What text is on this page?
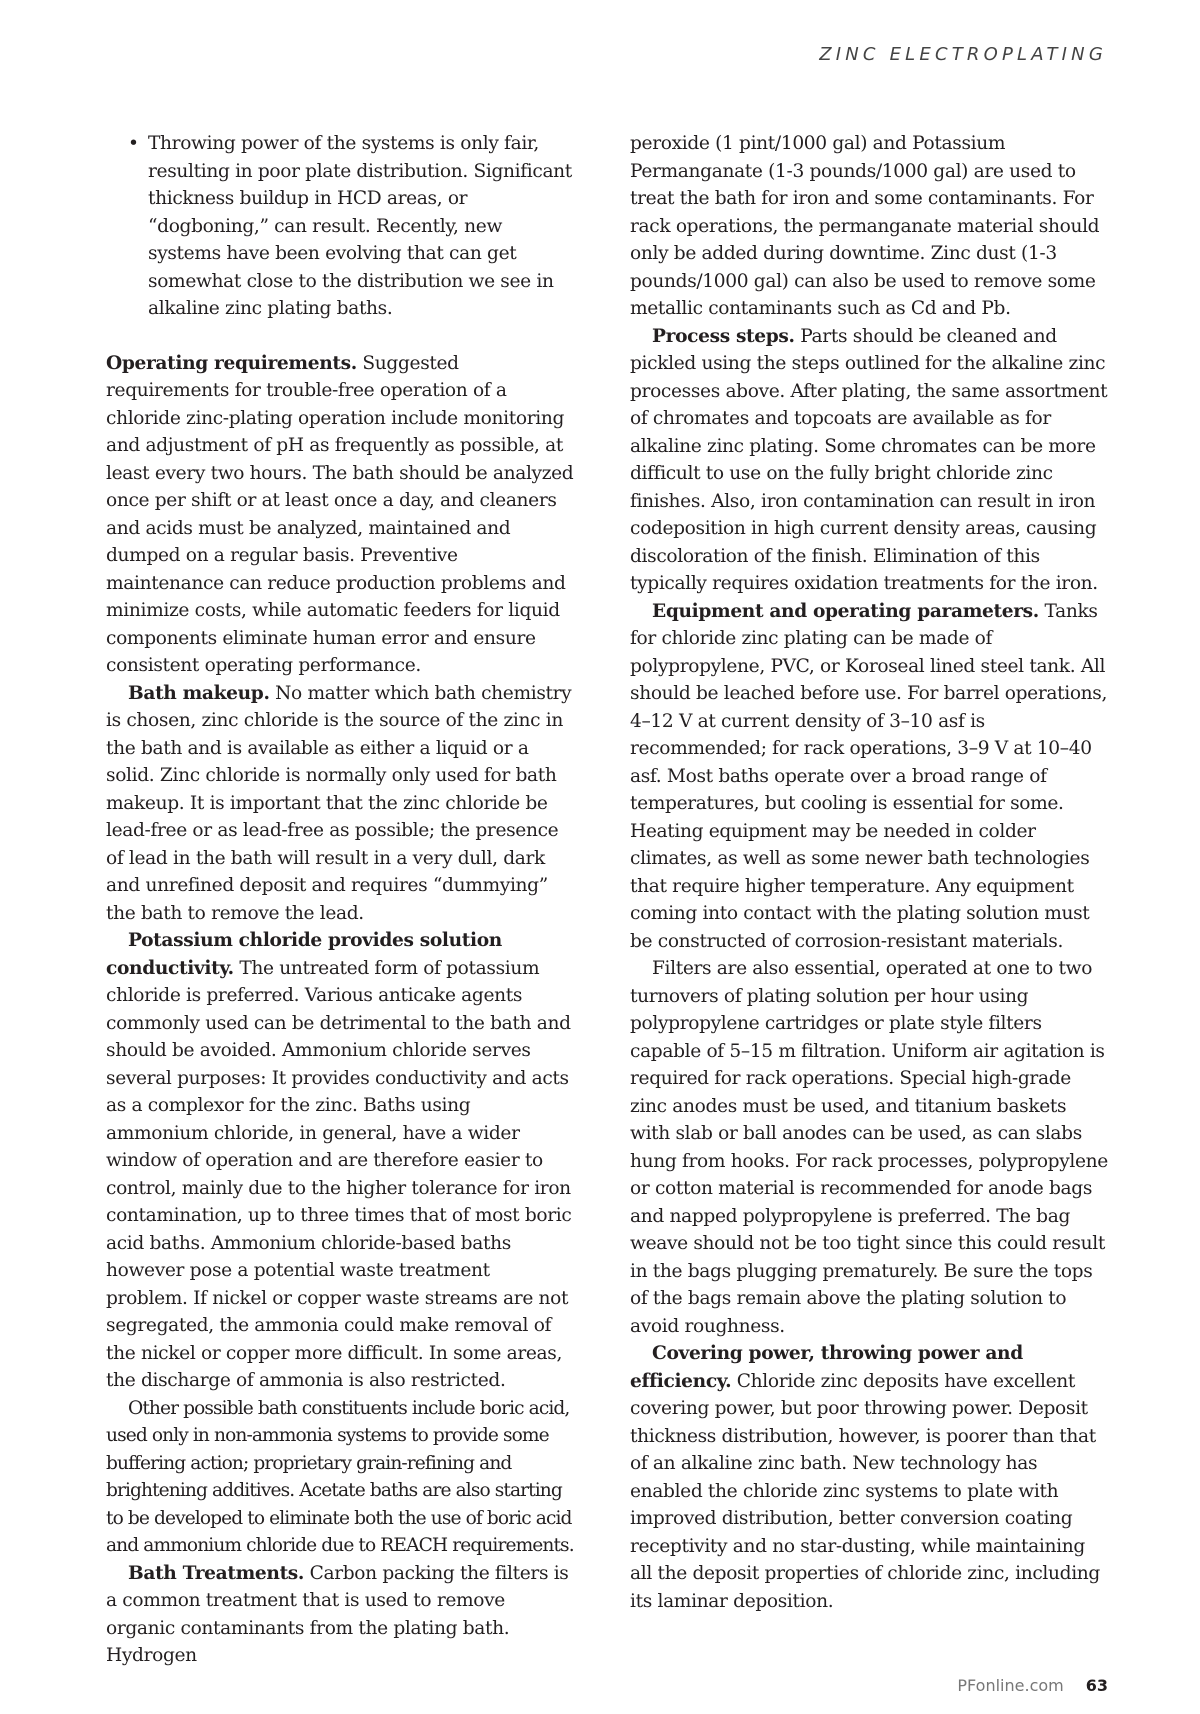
ZINC ELECTROPLATING
• Throwing power of the systems is only fair, resulting in poor plate distribution. Significant thickness buildup in HCD areas, or “dogboning,” can result. Recently, new systems have been evolving that can get somewhat close to the distribution we see in alkaline zinc plating baths.

Operating requirements. Suggested requirements for trouble-free operation of a chloride zinc-plating operation include monitoring and adjustment of pH as frequently as possible, at least every two hours. The bath should be analyzed once per shift or at least once a day, and cleaners and acids must be analyzed, maintained and dumped on a regular basis. Preventive maintenance can reduce production problems and minimize costs, while automatic feeders for liquid components eliminate human error and ensure consistent operating performance.

Bath makeup. No matter which bath chemistry is chosen, zinc chloride is the source of the zinc in the bath and is available as either a liquid or a solid. Zinc chloride is normally only used for bath makeup. It is important that the zinc chloride be lead-free or as lead-free as possible; the presence of lead in the bath will result in a very dull, dark and unrefined deposit and requires “dummying” the bath to remove the lead.

Potassium chloride provides solution conductivity. The untreated form of potassium chloride is preferred. Various anticake agents commonly used can be detrimental to the bath and should be avoided. Ammonium chloride serves several purposes: It provides conductivity and acts as a complexor for the zinc. Baths using ammonium chloride, in general, have a wider window of operation and are therefore easier to control, mainly due to the higher tolerance for iron contamination, up to three times that of most boric acid baths. Ammonium chloride-based baths however pose a potential waste treatment problem. If nickel or copper waste streams are not segregated, the ammonia could make removal of the nickel or copper more difficult. In some areas, the discharge of ammonia is also restricted.

Other possible bath constituents include boric acid, used only in non-ammonia systems to provide some buffering action; proprietary grain-refining and brightening additives. Acetate baths are also starting to be developed to eliminate both the use of boric acid and ammonium chloride due to REACH requirements.

Bath Treatments. Carbon packing the filters is a common treatment that is used to remove organic contaminants from the plating bath. Hydrogen

peroxide (1 pint/1000 gal) and Potassium Permanganate (1-3 pounds/1000 gal) are used to treat the bath for iron and some contaminants. For rack operations, the permanganate material should only be added during downtime. Zinc dust (1-3 pounds/1000 gal) can also be used to remove some metallic contaminants such as Cd and Pb.

Process steps. Parts should be cleaned and pickled using the steps outlined for the alkaline zinc processes above. After plating, the same assortment of chromates and topcoats are available as for alkaline zinc plating. Some chromates can be more difficult to use on the fully bright chloride zinc finishes. Also, iron contamination can result in iron codeposition in high current density areas, causing discoloration of the finish. Elimination of this typically requires oxidation treatments for the iron.

Equipment and operating parameters. Tanks for chloride zinc plating can be made of polypropylene, PVC, or Koroseal lined steel tank. All should be leached before use. For barrel operations, 4–12 V at current density of 3–10 asf is recommended; for rack operations, 3–9 V at 10–40 asf. Most baths operate over a broad range of temperatures, but cooling is essential for some. Heating equipment may be needed in colder climates, as well as some newer bath technologies that require higher temperature. Any equipment coming into contact with the plating solution must be constructed of corrosion-resistant materials.

Filters are also essential, operated at one to two turnovers of plating solution per hour using polypropylene cartridges or plate style filters capable of 5–15 m filtration. Uniform air agitation is required for rack operations. Special high-grade zinc anodes must be used, and titanium baskets with slab or ball anodes can be used, as can slabs hung from hooks. For rack processes, polypropylene or cotton material is recommended for anode bags and napped polypropylene is preferred. The bag weave should not be too tight since this could result in the bags plugging prematurely. Be sure the tops of the bags remain above the plating solution to avoid roughness.

Covering power, throwing power and efficiency. Chloride zinc deposits have excellent covering power, but poor throwing power. Deposit thickness distribution, however, is poorer than that of an alkaline zinc bath. New technology has enabled the chloride zinc systems to plate with improved distribution, better conversion coating receptivity and no star-dusting, while maintaining all the deposit properties of chloride zinc, including its laminar deposition.

PFonline.com 63
